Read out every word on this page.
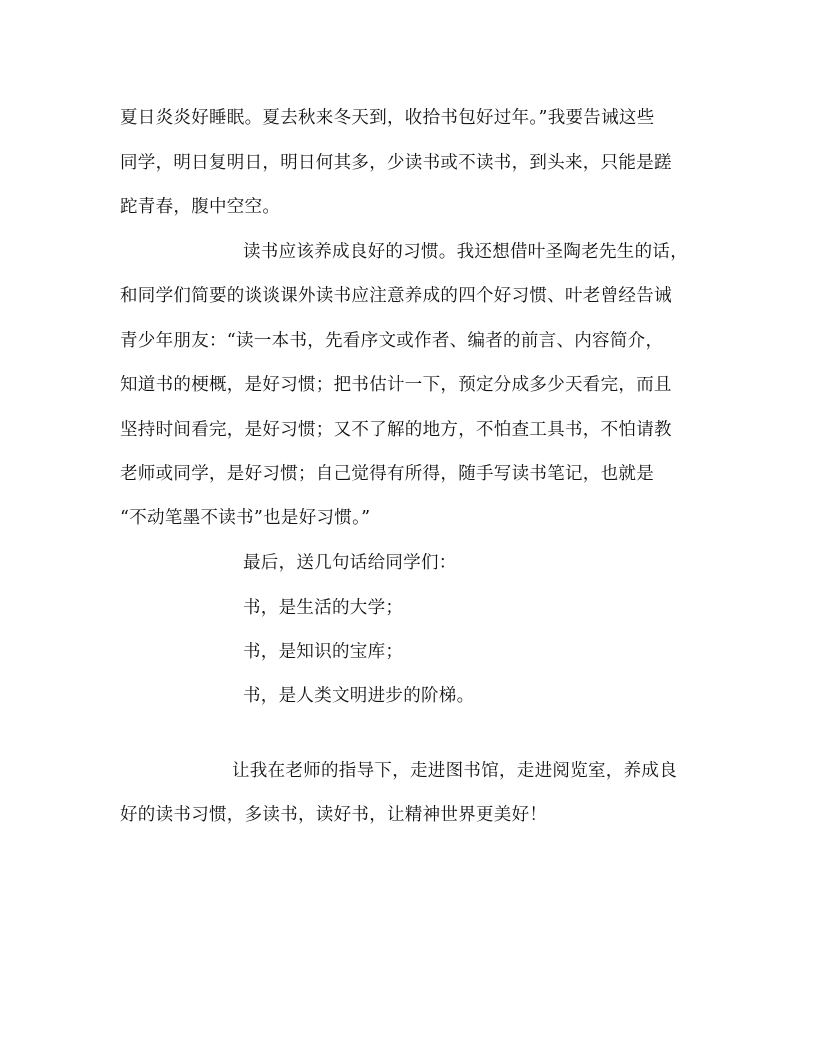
夏日炎炎好睡眠。夏去秋来冬天到，收拾书包好过年。”我要告诫这些
同学，明日复明日，明日何其多，少读书或不读书，到头来，只能是蹉
跎青春，腹中空空。
读书应该养成良好的习惯。我还想借叶圣陶老先生的话，
和同学们简要的谈谈课外读书应注意养成的四个好习惯、叶老曾经告诫
青少年朋友：“读一本书，先看序文或作者、编者的前言、内容简介，
知道书的梗概，是好习惯；把书估计一下，预定分成多少天看完，而且
坚持时间看完，是好习惯；又不了解的地方，不怕查工具书，不怕请教
老师或同学，是好习惯；自己觉得有所得，随手写读书笔记，也就是
“不动笔墨不读书”也是好习惯。”
最后，送几句话给同学们：
书，是生活的大学；
书，是知识的宝库；
书，是人类文明进步的阶梯。
让我在老师的指导下，走进图书馆，走进阅览室，养成良
好的读书习惯，多读书，读好书，让精神世界更美好！
